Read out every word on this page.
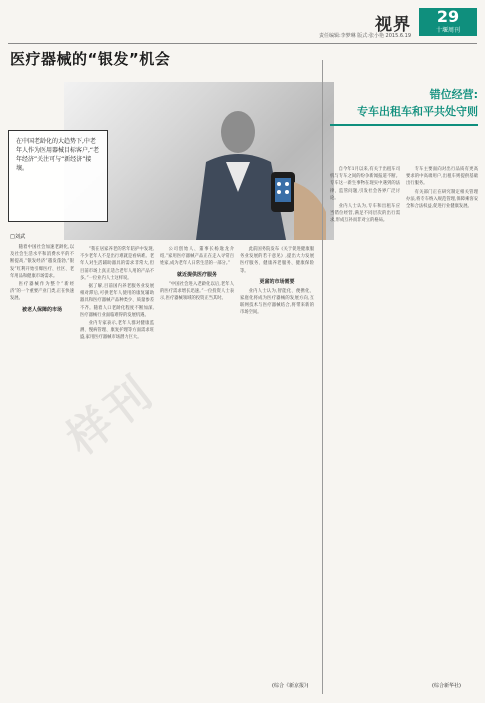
视界
责任编辑:李梦琳 版式:张小艳 2015.6.19
29
十堰周刊
医疗器械的“银发”机会
在中国老龄化的大趋势下,中老年人作为医用器械目标客户,“老年经济”关注可与“新经济”接壤。
样刊
□刘武

随着中国社会加速老龄化,以及社会生活水平和消费水平的不断提高,“银发经济”越发蓬勃,“银发”红利开始引爆医疗、社区、老年用品和健康市场需求。

医疗器械作为整个“新经济”的一个重要产业门类,正在快速发展。

被老人保障的市场

“我在居家养老的常年陪护中发现,不少老年人不是出行难就是看病难。老年人对生活辅助器具的需求非常大,但目前市场上真正适合老年人用的产品不多。”一位业内人士这样说。

据了解,目前国内养老服务业发展相对滞后,可供老年人使用的康复辅助器具和医疗器械产品种类少、质量参差不齐。随着人口老龄化程度不断加深,医疗器械行业面临难得的发展机遇。

业内专家表示,老年人群对健康监测、慢病管理、康复护理等方面需求旺盛,家用医疗器械市场潜力巨大。

公司创始人、董事长杨逸龙介绍,“家用医疗器械产品正在走入寻常百姓家,成为老年人日常生活的一部分。”

就近提供医疗服务

“中国社会进入老龄化以后,老年人的医疗需求增长迅速。”一位投资人士表示,医疗器械领域的投资正当其时。

此前国务院发布《关于促进健康服务业发展的若干意见》,提出大力发展医疗服务、健康养老服务、健康保险等。

更富的市场需要

业内人士认为,智能化、便携化、家庭化将成为医疗器械的发展方向,互联网技术与医疗器械结合,将带来新的市场空间。

(综合《新京报》)
错位经营:
专车出租车和平共处守则

自今年1月以来,有关于出租车司机与专车之间的纷争新闻报道不断。专车这一新生事物在现实中遇到的法律、监管问题,引发社会各界广泛讨论。

业内人士认为,专车和出租车应当错位经营,满足不同层次的出行需求,形成互补而非对立的格局。

专车主要面向对出行品质有更高要求的中高端用户,出租车则提供基础出行服务。

有关部门正在研究制定相关管理办法,将专车纳入规范管理,保障乘客安全和合法权益,促进行业健康发展。

(综合新华社)
